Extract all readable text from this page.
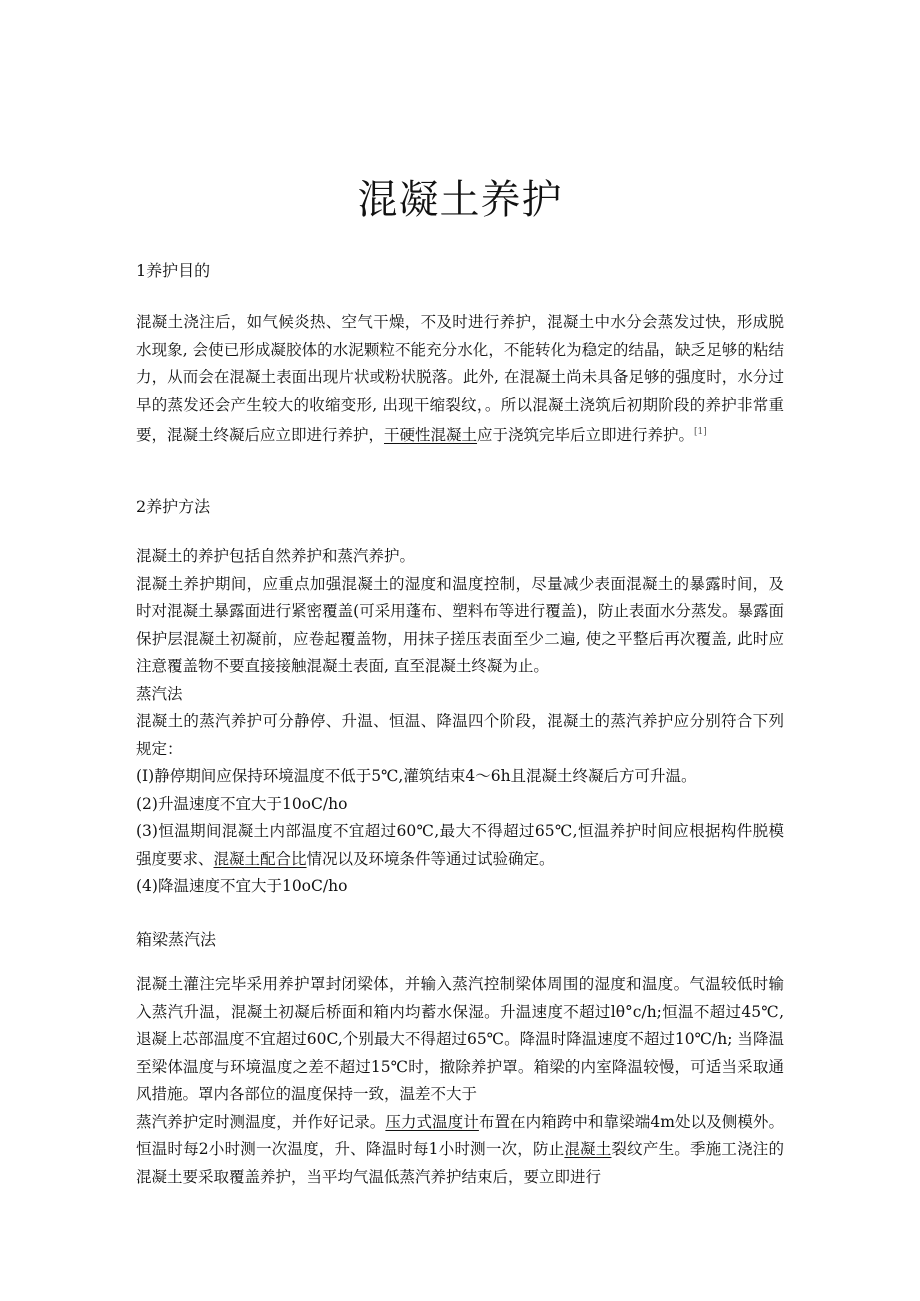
混凝土养护
1养护目的

混凝土浇注后，如气候炎热、空气干燥，不及时进行养护，混凝土中水分会蒸发过快，形成脱水现象, 会使已形成凝胶体的水泥颗粒不能充分水化，不能转化为稳定的结晶，缺乏足够的粘结力，从而会在混凝土表面出现片状或粉状脱落。此外, 在混凝土尚未具备足够的强度时，水分过早的蒸发还会产生较大的收缩变形, 出现干缩裂纹，。所以混凝土浇筑后初期阶段的养护非常重要，混凝土终凝后应立即进行养护，干硬性混凝土应于浇筑完毕后立即进行养护。[1]

2养护方法

混凝土的养护包括自然养护和蒸汽养护。

混凝土养护期间，应重点加强混凝土的湿度和温度控制，尽量减少表面混凝土的暴露时间，及时对混凝土暴露面进行紧密覆盖(可采用蓬布、塑料布等进行覆盖)，防止表面水分蒸发。暴露面保护层混凝土初凝前，应卷起覆盖物，用抹子搓压表面至少二遍, 使之平整后再次覆盖, 此时应注意覆盖物不要直接接触混凝土表面, 直至混凝土终凝为止。

蒸汽法

混凝土的蒸汽养护可分静停、升温、恒温、降温四个阶段，混凝土的蒸汽养护应分别符合下列规定：

(I)静停期间应保持环境温度不低于5℃,灌筑结束4～6h且混凝土终凝后方可升温。

(2)升温速度不宜大于10oC∕ho

(3)恒温期间混凝土内部温度不宜超过60℃,最大不得超过65℃,恒温养护时间应根据构件脱模强度要求、混凝土配合比情况以及环境条件等通过试验确定。

(4)降温速度不宜大于10oC∕ho

箱梁蒸汽法

混凝土灌注完毕采用养护罩封闭梁体，并输入蒸汽控制梁体周围的湿度和温度。气温较低时输入蒸汽升温，混凝土初凝后桥面和箱内均蓄水保湿。升温速度不超过lθ°c∕h;恒温不超过45℃,退凝上芯部温度不宜超过60C,个别最大不得超过65℃。降温时降温速度不超过10℃/h; 当降温至梁体温度与环境温度之差不超过15℃时，撤除养护罩。箱梁的内室降温较慢，可适当采取通风措施。罩内各部位的温度保持一致，温差不大于

蒸汽养护定时测温度，并作好记录。压力式温度计布置在内箱跨中和靠梁端4m处以及侧模外。恒温时每2小时测一次温度，升、降温时每1小时测一次，防止混凝土裂纹产生。季施工浇注的混凝土要采取覆盖养护，当平均气温低蒸汽养护结束后，要立即进行
